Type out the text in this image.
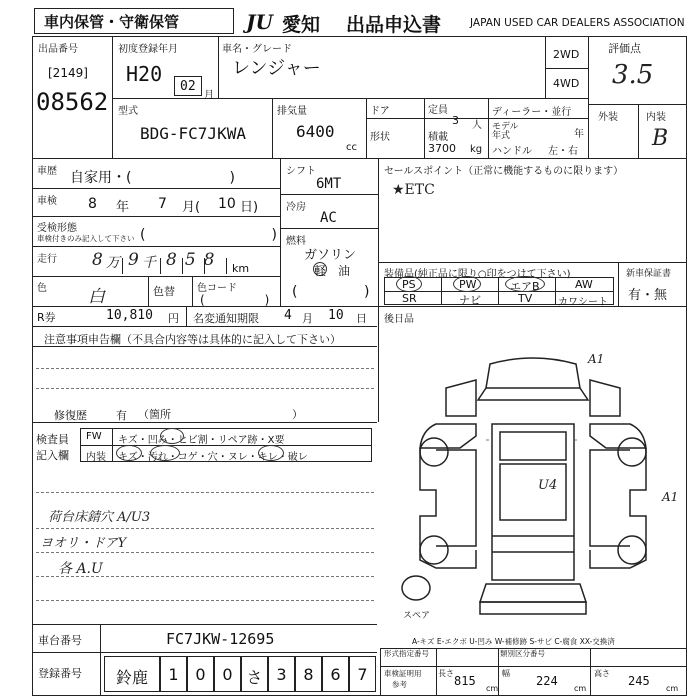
車内保管・守衛保管	JU 愛知 出品申込書	JAPAN USED CAR DEALERS ASSOCIATION
出品番号
[2149]
08562
初度登録年月
H20
02
月
車名・グレード
レンジャー
2WD
4WD
評価点
3.5
外装	内装
B
型式
BDG-FC7JKWA
排気量
6400
cc
ドア	定員
3 人
形状	積載
3700 kg
ディーラー・並行
モデル
年式	年
ハンドル 左・右
車歴 自家用・(　　　　　　　)
車検 8 年 7 月( 10 日)
受検形態
車検付きのみ記入して下さい (　　　　　　　　　)
走行 8 万 9 千 858 km
色 白	色替 色コード
(　　　　　)
シフト
6MT
冷房
AC
燃料
ガソリン
軽　油
(	)
セールスポイント（正常に機能するものに限ります）
★ETC
装備品(純正品に限り○印をつけて下さい)
PS	PW	エアB	AW
SR	ナビ	TV	カワシート
新車保証書
有・無
R券	10,810 円 名変通知期限 4 月 10 日 後日品
注意事項申告欄（不具合内容等は具体的に記入して下さい）
修復歴	有 （箇所　　　　　　　　　　　）
検査員
記入欄
FW キズ・凹み・ヒビ割・リペア跡・X要
内装 キズ・汚れ・コゲ・穴・ヌレ・キレ・破レ
荷台床錆穴 A/U3
ヨオリ・ドアY
各 A.U
A1
U4
A1
スペア
A-キズ E-エクボ U-凹み W-補修跡 S-サビ C-腐食 XX-交換済
車台番号	FC7JKW-12695
登録番号	鈴鹿	1	0	0 さ 3	8	6	7
形式指定番号	類別区分番号
車検証明用
参考
長さ
815
cm
幅
224
cm
高さ
245
cm
